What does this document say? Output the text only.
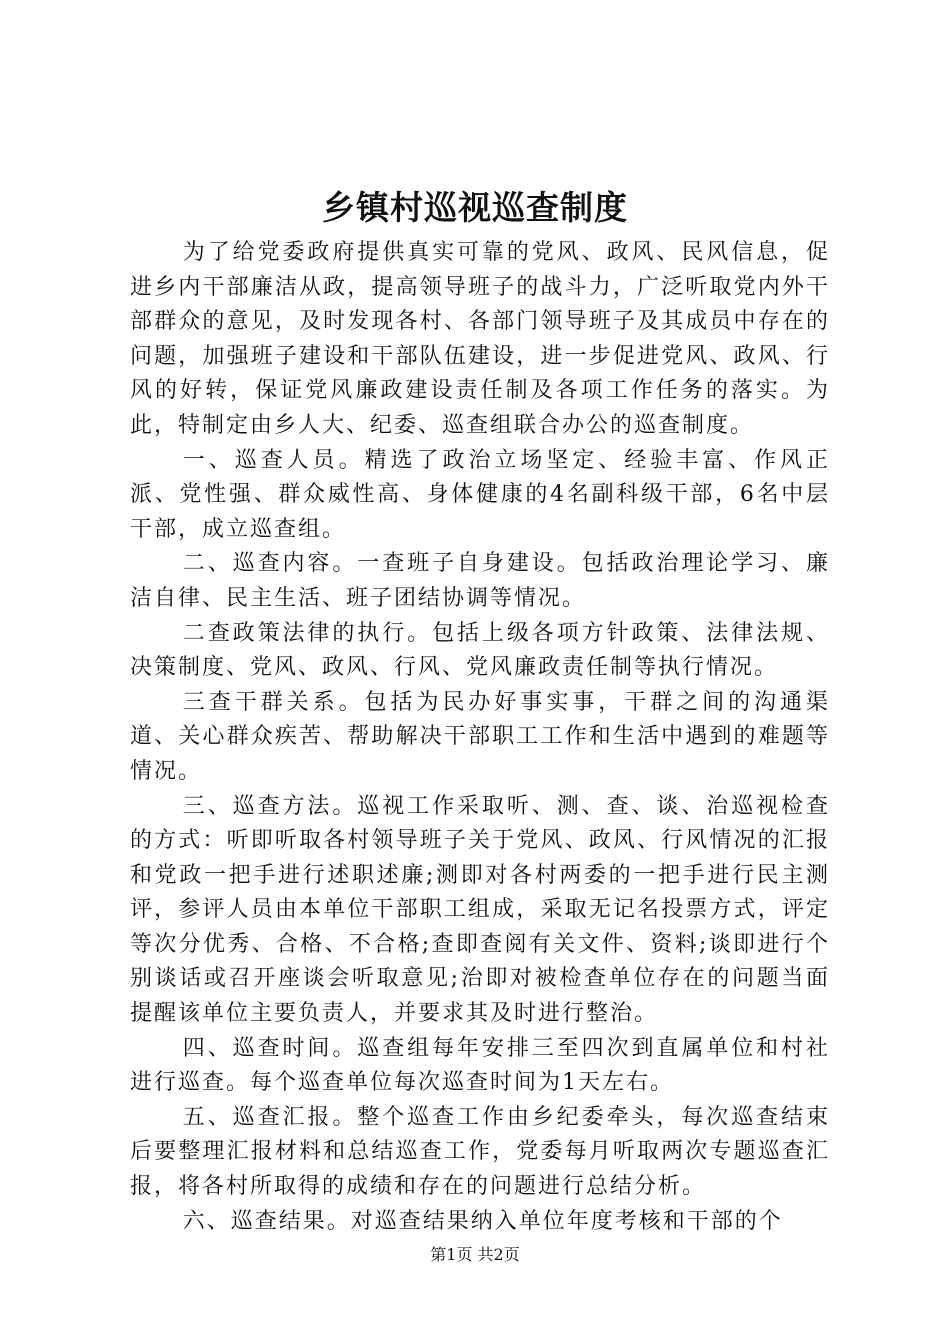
乡镇村巡视巡查制度

为了给党委政府提供真实可靠的党风、政风、民风信息，促进乡内干部廉洁从政，提高领导班子的战斗力，广泛听取党内外干部群众的意见，及时发现各村、各部门领导班子及其成员中存在的问题，加强班子建设和干部队伍建设，进一步促进党风、政风、行风的好转，保证党风廉政建设责任制及各项工作任务的落实。为此，特制定由乡人大、纪委、巡查组联合办公的巡查制度。

一、巡查人员。精选了政治立场坚定、经验丰富、作风正派、党性强、群众威性高、身体健康的4名副科级干部，6名中层干部，成立巡查组。

二、巡查内容。一查班子自身建设。包括政治理论学习、廉洁自律、民主生活、班子团结协调等情况。

二查政策法律的执行。包括上级各项方针政策、法律法规、决策制度、党风、政风、行风、党风廉政责任制等执行情况。

三查干群关系。包括为民办好事实事，干群之间的沟通渠道、关心群众疾苦、帮助解决干部职工工作和生活中遇到的难题等情况。

三、巡查方法。巡视工作采取听、测、查、谈、治巡视检查的方式：听即听取各村领导班子关于党风、政风、行风情况的汇报和党政一把手进行述职述廉;测即对各村两委的一把手进行民主测评，参评人员由本单位干部职工组成，采取无记名投票方式，评定等次分优秀、合格、不合格;查即查阅有关文件、资料;谈即进行个别谈话或召开座谈会听取意见;治即对被检查单位存在的问题当面提醒该单位主要负责人，并要求其及时进行整治。

四、巡查时间。巡查组每年安排三至四次到直属单位和村社进行巡查。每个巡查单位每次巡查时间为1天左右。

五、巡查汇报。整个巡查工作由乡纪委牵头，每次巡查结束后要整理汇报材料和总结巡查工作，党委每月听取两次专题巡查汇报，将各村所取得的成绩和存在的问题进行总结分析。

六、巡查结果。对巡查结果纳入单位年度考核和干部的个

第1页 共2页
